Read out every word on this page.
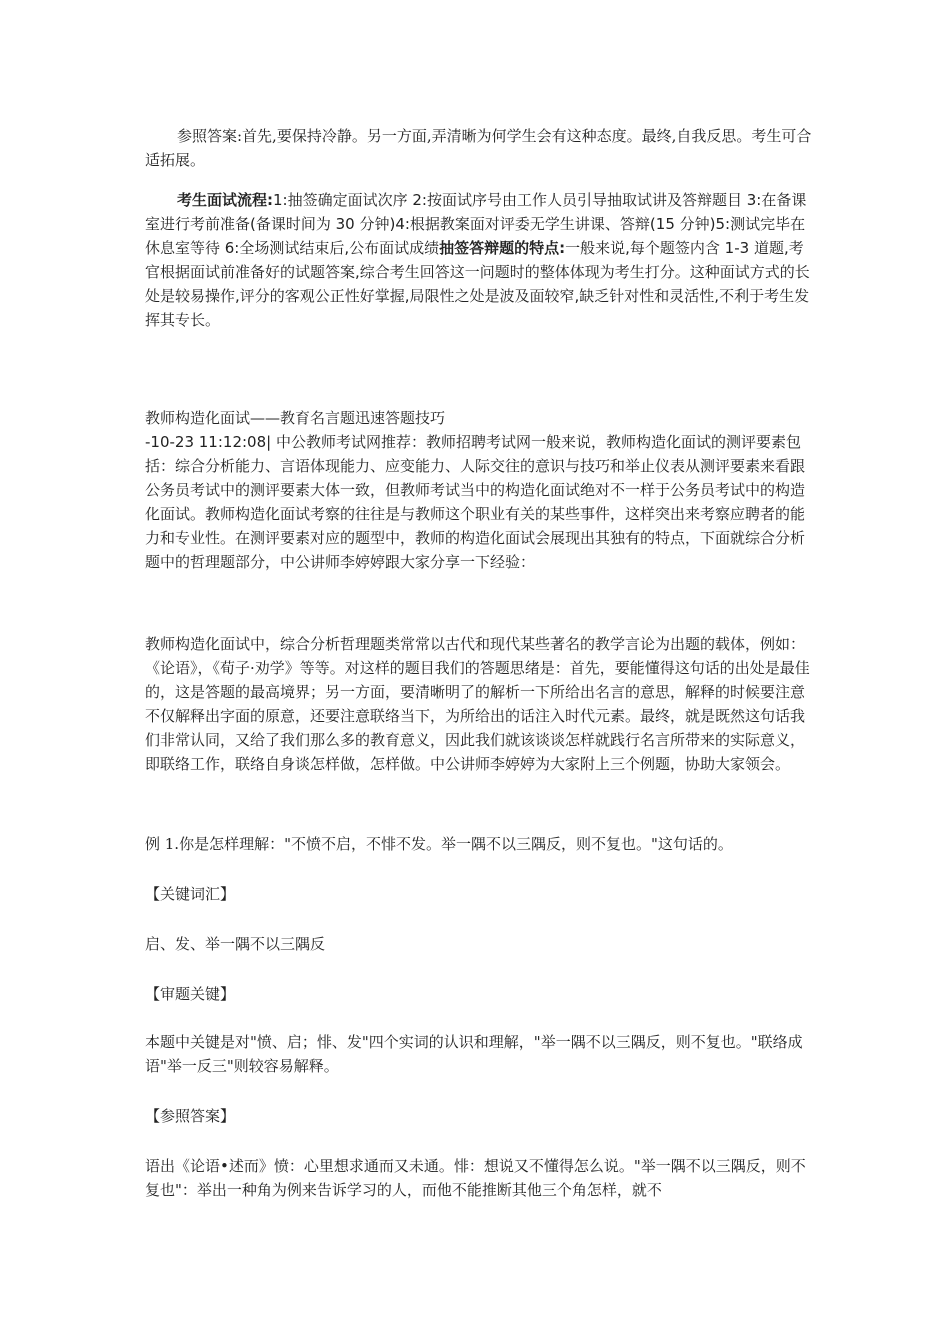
参照答案:首先,要保持冷静。另一方面,弄清晰为何学生会有这种态度。最终,自我反思。考生可合适拓展。

考生面试流程:1:抽签确定面试次序 2:按面试序号由工作人员引导抽取试讲及答辩题目 3:在备课室进行考前准备(备课时间为 30 分钟)4:根据教案面对评委无学生讲课、答辩(15 分钟)5:测试完毕在休息室等待 6:全场测试结束后,公布面试成绩抽签答辩题的特点:一般来说,每个题签内含 1-3 道题,考官根据面试前准备好的试题答案,综合考生回答这一问题时的整体体现为考生打分。这种面试方式的长处是较易操作,评分的客观公正性好掌握,局限性之处是波及面较窄,缺乏针对性和灵活性,不利于考生发挥其专长。

教师构造化面试——教育名言题迅速答题技巧

-10-23 11:12:08| 中公教师考试网推荐：教师招聘考试网一般来说，教师构造化面试的测评要素包括：综合分析能力、言语体现能力、应变能力、人际交往的意识与技巧和举止仪表从测评要素来看跟公务员考试中的测评要素大体一致，但教师考试当中的构造化面试绝对不一样于公务员考试中的构造化面试。教师构造化面试考察的往往是与教师这个职业有关的某些事件，这样突出来考察应聘者的能力和专业性。在测评要素对应的题型中，教师的构造化面试会展现出其独有的特点，下面就综合分析题中的哲理题部分，中公讲师李婷婷跟大家分享一下经验：

教师构造化面试中，综合分析哲理题类常常以古代和现代某些著名的教学言论为出题的载体，例如：《论语》，《荀子·劝学》等等。对这样的题目我们的答题思绪是：首先，要能懂得这句话的出处是最佳的，这是答题的最高境界；另一方面，要清晰明了的解析一下所给出名言的意思，解释的时候要注意不仅解释出字面的原意，还要注意联络当下，为所给出的话注入时代元素。最终，就是既然这句话我们非常认同，又给了我们那么多的教育意义，因此我们就该谈谈怎样就践行名言所带来的实际意义，即联络工作，联络自身谈怎样做，怎样做。中公讲师李婷婷为大家附上三个例题，协助大家领会。

例 1.你是怎样理解："不愤不启，不悱不发。举一隅不以三隅反，则不复也。"这句话的。

【关键词汇】

启、发、举一隅不以三隅反

【审题关键】

本题中关键是对"愤、启；悱、发"四个实词的认识和理解，"举一隅不以三隅反，则不复也。"联络成语"举一反三"则较容易解释。

【参照答案】

语出《论语•述而》愤：心里想求通而又未通。悱：想说又不懂得怎么说。"举一隅不以三隅反，则不复也"：举出一种角为例来告诉学习的人，而他不能推断其他三个角怎样，就不
